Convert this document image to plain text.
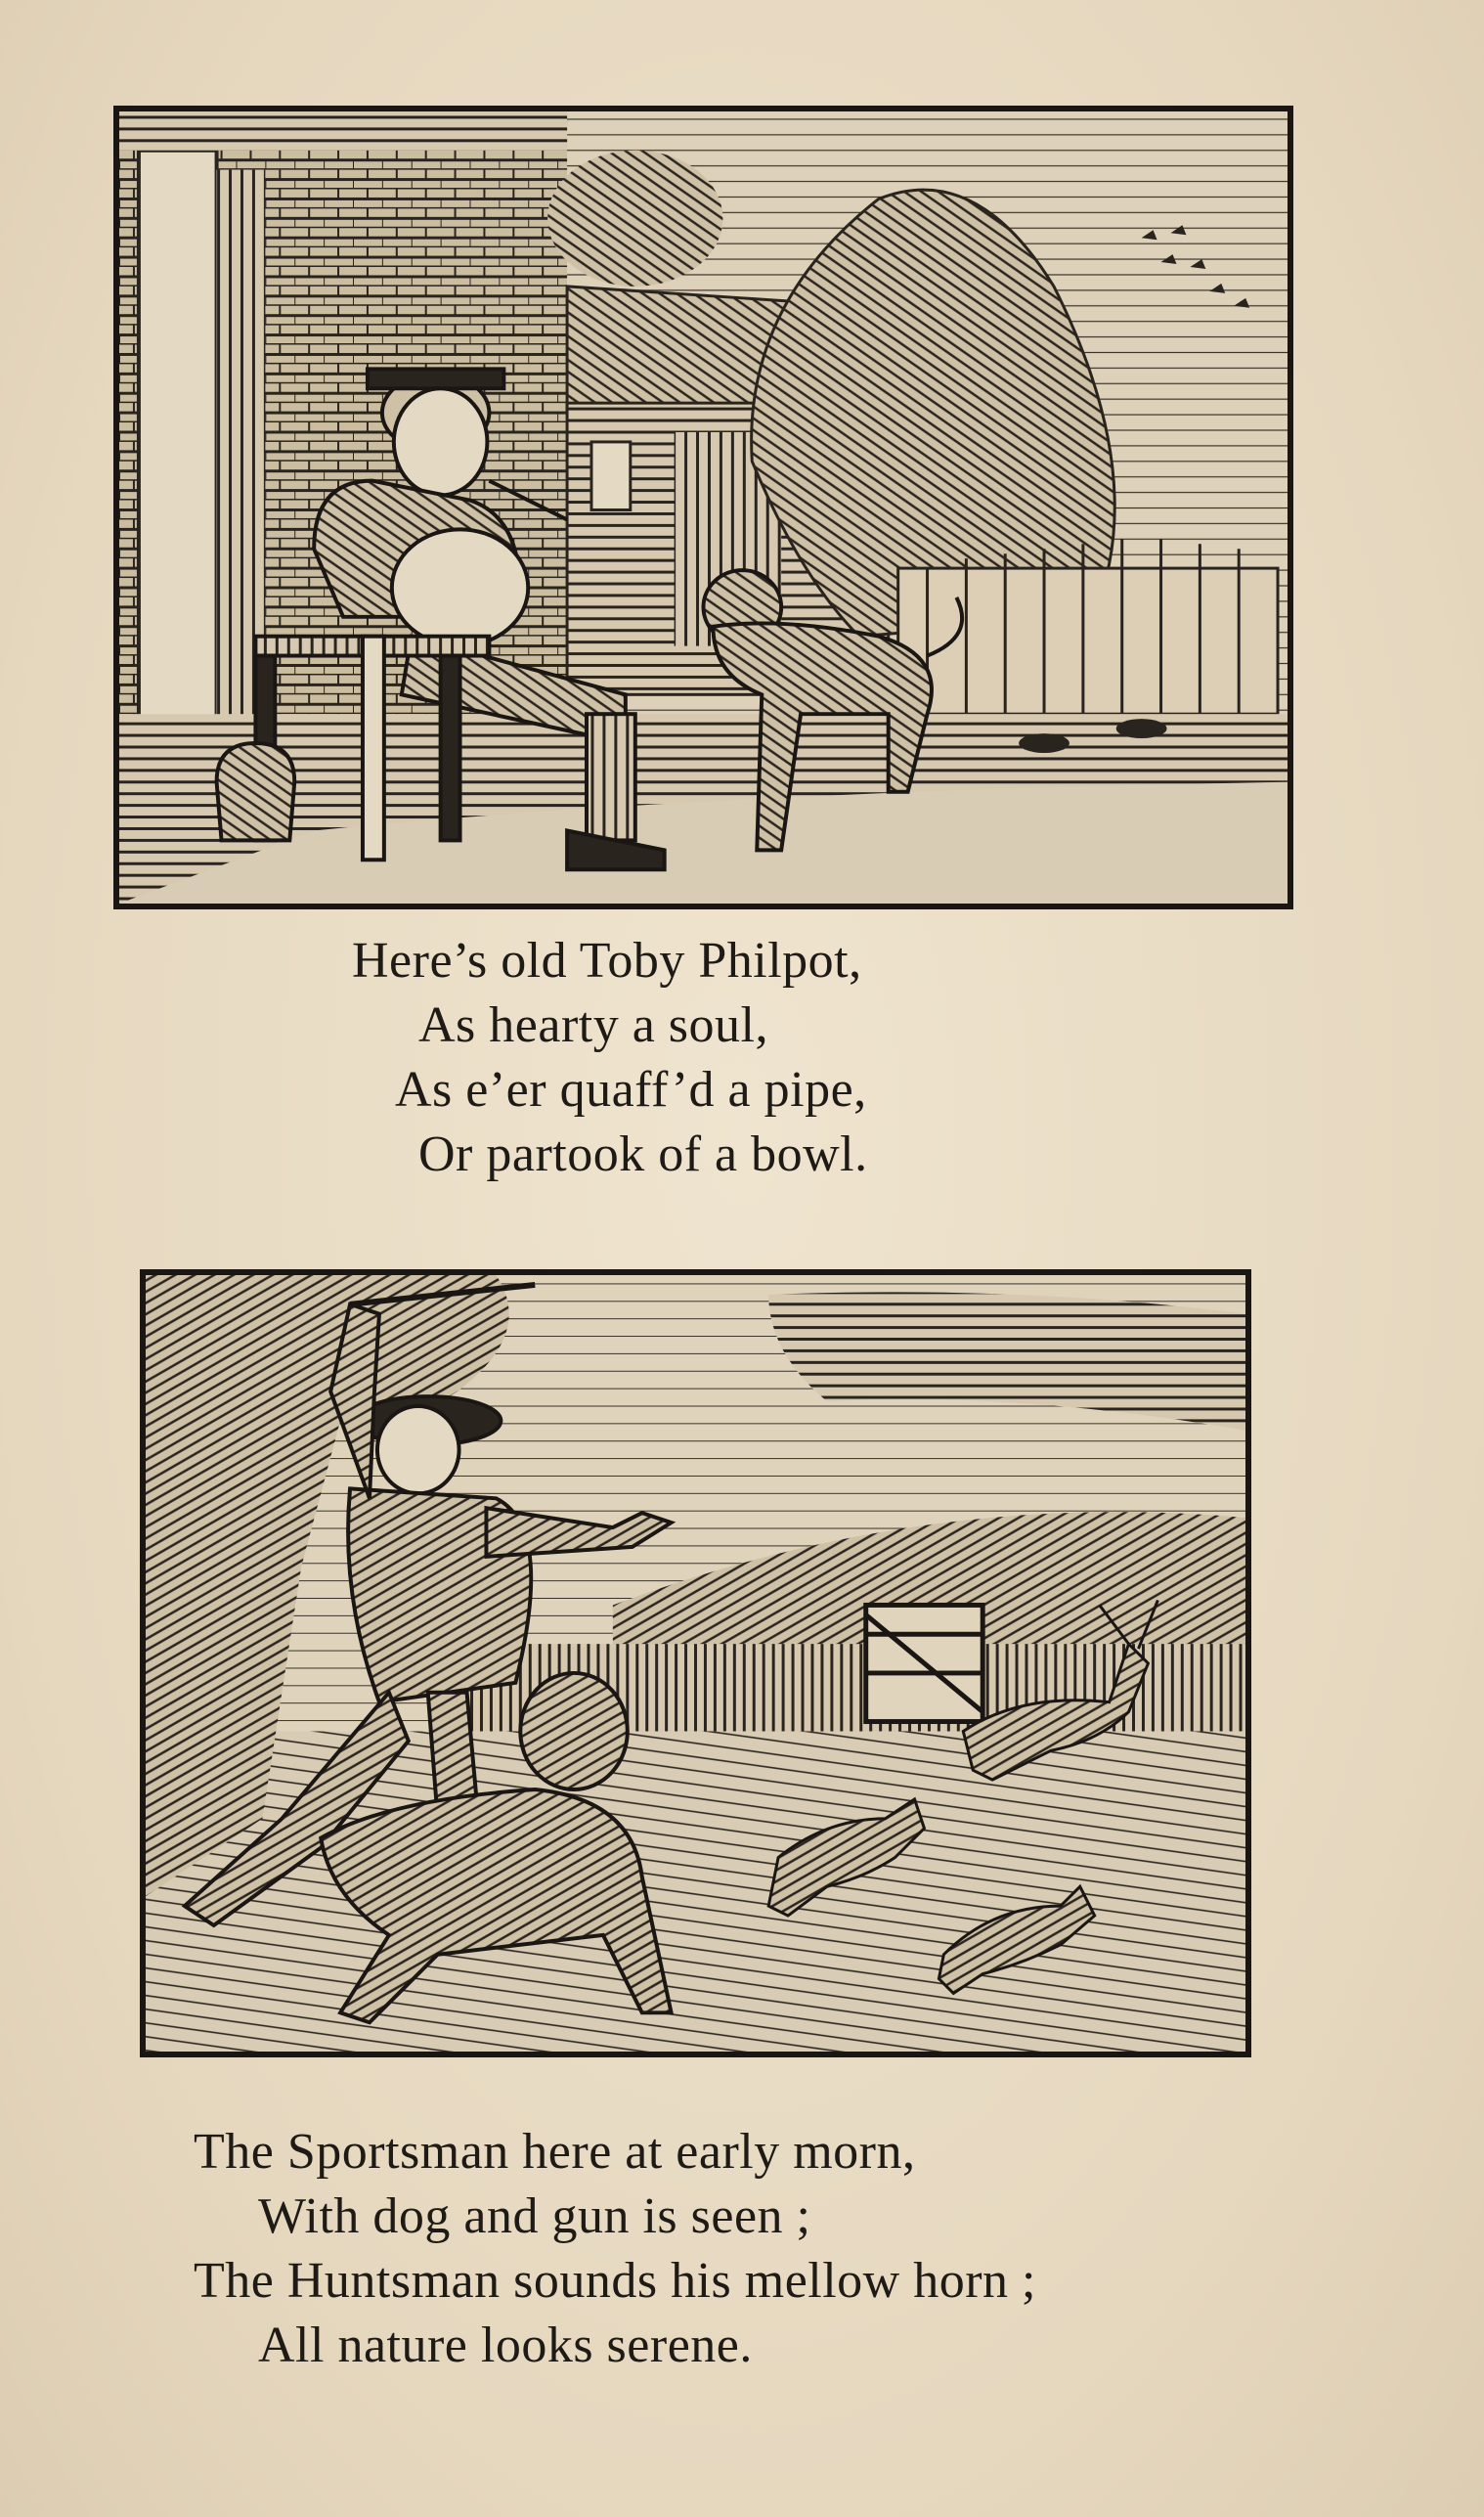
Here’s old Toby Philpot,
As hearty a soul,
As e’er quaff’d a pipe,
Or partook of a bowl.
The Sportsman here at early morn,
With dog and gun is seen ;
The Huntsman sounds his mellow horn ;
All nature looks serene.
